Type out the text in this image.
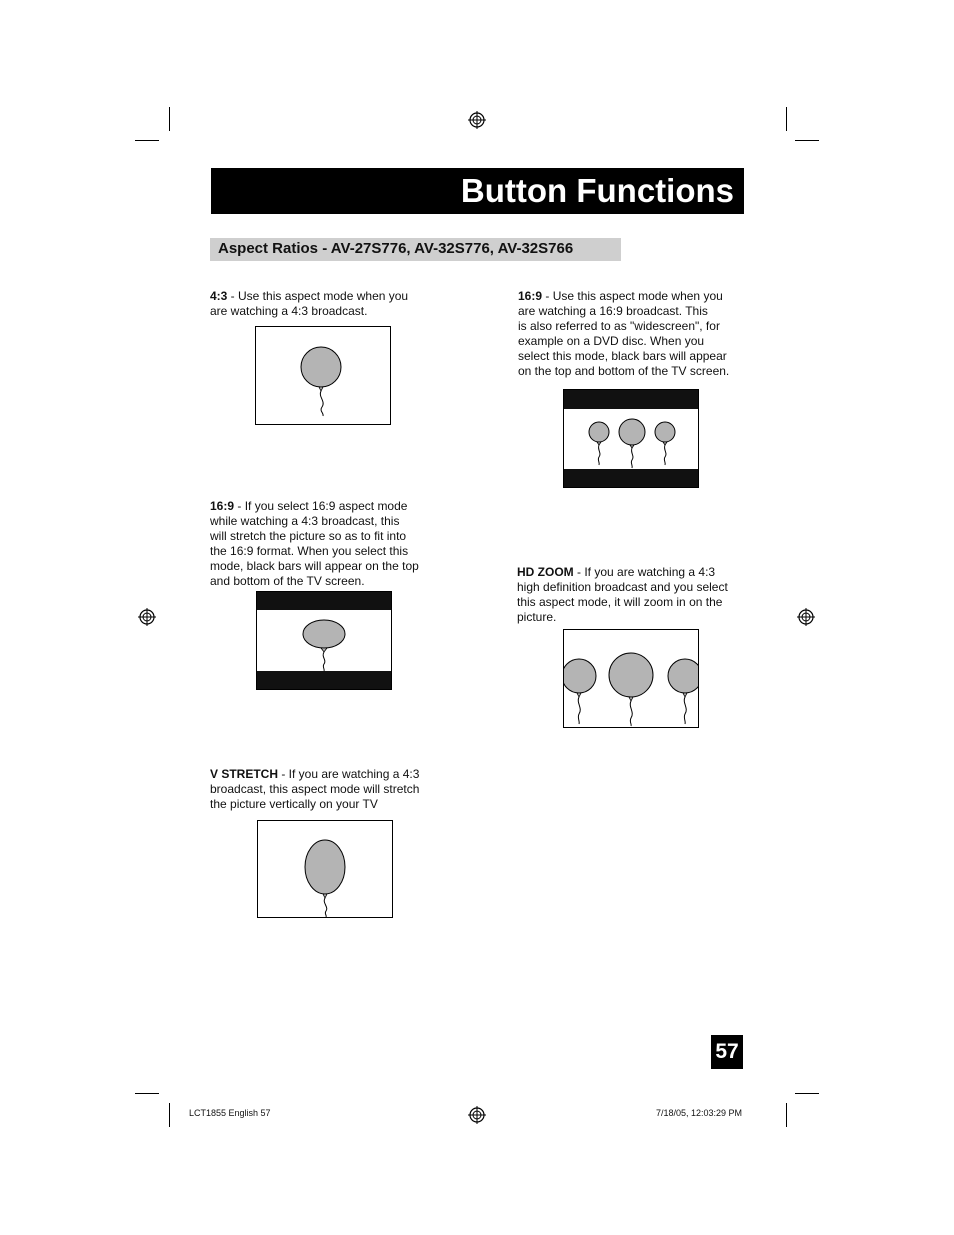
Button Functions
Aspect Ratios - AV-27S776, AV-32S776, AV-32S766

4:3 - Use this aspect mode when you
are watching a 4:3 broadcast.

16:9 - If you select 16:9 aspect mode
while watching a 4:3 broadcast, this
will stretch the picture so as to fit into
the 16:9 format. When you select this
mode, black bars will appear on the top
and bottom of the TV screen.

V STRETCH - If you are watching a 4:3
broadcast, this aspect mode will stretch
the picture vertically on your TV

16:9 - Use this aspect mode when you
are watching a 16:9 broadcast. This
is also referred to as "widescreen", for
example on a DVD disc. When you
select this mode, black bars will appear
on the top and bottom of the TV screen.

HD ZOOM - If you are watching a 4:3
high definition broadcast and you select
this aspect mode, it will zoom in on the
picture.

57
LCT1855 English 57	7/18/05, 12:03:29 PM
